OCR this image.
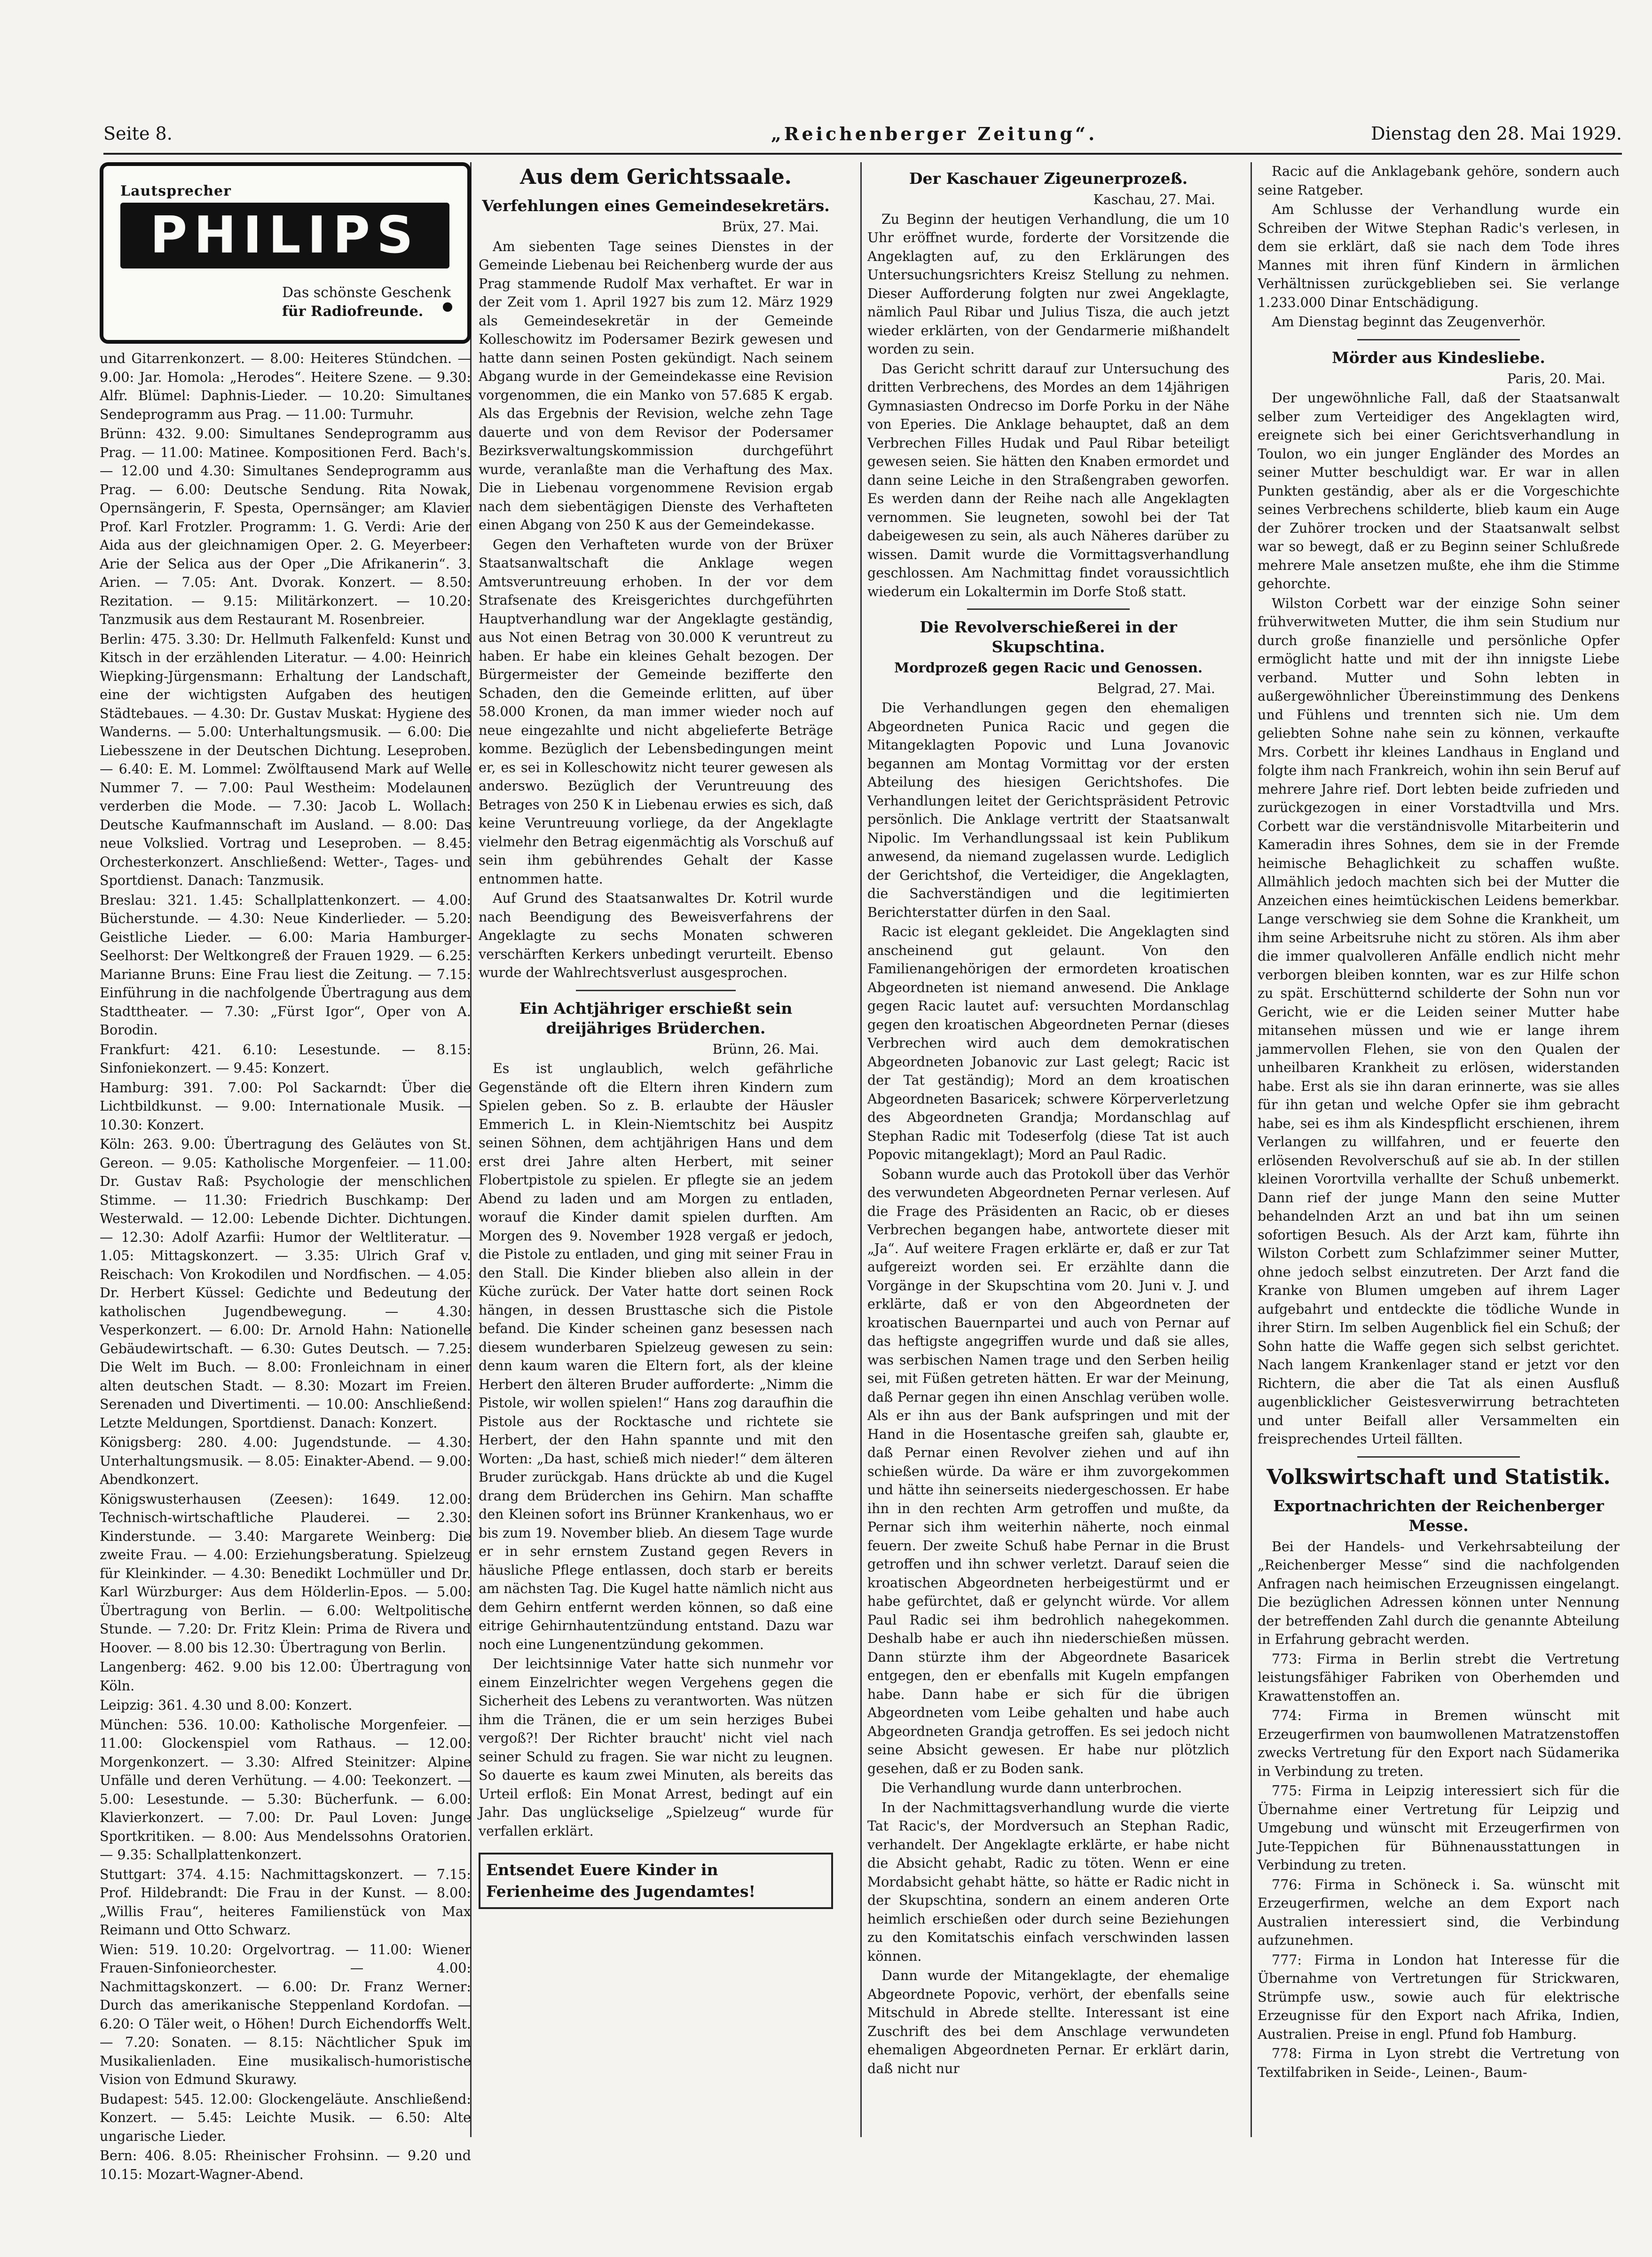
Seite 8.	„Reichenberger Zeitung“.	Dienstag den 28. Mai 1929.
Lautsprecher
PHILIPS
Das schönste Geschenk
für Radiofreunde.

und Gitarrenkonzert. — 8.00: Heiteres Stündchen. — 9.00: Jar. Homola: „Herodes“. Heitere Szene. — 9.30: Alfr. Blümel: Daphnis-Lieder. — 10.20: Simultanes Sendeprogramm aus Prag. — 11.00: Turmuhr.

Brünn: 432. 9.00: Simultanes Sendeprogramm aus Prag. — 11.00: Matinee. Kompositionen Ferd. Bach's. — 12.00 und 4.30: Simultanes Sendeprogramm aus Prag. — 6.00: Deutsche Sendung. Rita Nowak, Opernsängerin, F. Spesta, Opernsänger; am Klavier Prof. Karl Frotzler. Programm: 1. G. Verdi: Arie der Aida aus der gleichnamigen Oper. 2. G. Meyerbeer: Arie der Selica aus der Oper „Die Afrikanerin“. 3. Arien. — 7.05: Ant. Dvorak. Konzert. — 8.50: Rezitation. — 9.15: Militärkonzert. — 10.20: Tanzmusik aus dem Restaurant M. Rosenbreier.

Berlin: 475. 3.30: Dr. Hellmuth Falkenfeld: Kunst und Kitsch in der erzählenden Literatur. — 4.00: Heinrich Wiepking-Jürgensmann: Erhaltung der Landschaft, eine der wichtigsten Aufgaben des heutigen Städtebaues. — 4.30: Dr. Gustav Muskat: Hygiene des Wanderns. — 5.00: Unterhaltungsmusik. — 6.00: Die Liebesszene in der Deutschen Dichtung. Leseproben. — 6.40: E. M. Lommel: Zwölftausend Mark auf Welle Nummer 7. — 7.00: Paul Westheim: Modelaunen verderben die Mode. — 7.30: Jacob L. Wollach: Deutsche Kaufmannschaft im Ausland. — 8.00: Das neue Volkslied. Vortrag und Leseproben. — 8.45: Orchesterkonzert. Anschließend: Wetter-, Tages- und Sportdienst. Danach: Tanzmusik.

Breslau: 321. 1.45: Schallplattenkonzert. — 4.00: Bücherstunde. — 4.30: Neue Kinderlieder. — 5.20: Geistliche Lieder. — 6.00: Maria Hamburger-Seelhorst: Der Weltkongreß der Frauen 1929. — 6.25: Marianne Bruns: Eine Frau liest die Zeitung. — 7.15: Einführung in die nachfolgende Übertragung aus dem Stadttheater. — 7.30: „Fürst Igor“, Oper von A. Borodin.

Frankfurt: 421. 6.10: Lesestunde. — 8.15: Sinfoniekonzert. — 9.45: Konzert.

Hamburg: 391. 7.00: Pol Sackarndt: Über die Lichtbildkunst. — 9.00: Internationale Musik. — 10.30: Konzert.

Köln: 263. 9.00: Übertragung des Geläutes von St. Gereon. — 9.05: Katholische Morgenfeier. — 11.00: Dr. Gustav Raß: Psychologie der menschlichen Stimme. — 11.30: Friedrich Buschkamp: Der Westerwald. — 12.00: Lebende Dichter. Dichtungen. — 12.30: Adolf Azarfii: Humor der Weltliteratur. — 1.05: Mittagskonzert. — 3.35: Ulrich Graf v. Reischach: Von Krokodilen und Nordfischen. — 4.05: Dr. Herbert Küssel: Gedichte und Bedeutung der katholischen Jugendbewegung. — 4.30: Vesperkonzert. — 6.00: Dr. Arnold Hahn: Nationelle Gebäudewirtschaft. — 6.30: Gutes Deutsch. — 7.25: Die Welt im Buch. — 8.00: Fronleichnam in einer alten deutschen Stadt. — 8.30: Mozart im Freien. Serenaden und Divertimenti. — 10.00: Anschließend: Letzte Meldungen, Sportdienst. Danach: Konzert.

Königsberg: 280. 4.00: Jugendstunde. — 4.30: Unterhaltungsmusik. — 8.05: Einakter-Abend. — 9.00: Abendkonzert.

Königswusterhausen (Zeesen): 1649. 12.00: Technisch-wirtschaftliche Plauderei. — 2.30: Kinderstunde. — 3.40: Margarete Weinberg: Die zweite Frau. — 4.00: Erziehungsberatung. Spielzeug für Kleinkinder. — 4.30: Benedikt Lochmüller und Dr. Karl Würzburger: Aus dem Hölderlin-Epos. — 5.00: Übertragung von Berlin. — 6.00: Weltpolitische Stunde. — 7.20: Dr. Fritz Klein: Prima de Rivera und Hoover. — 8.00 bis 12.30: Übertragung von Berlin.

Langenberg: 462. 9.00 bis 12.00: Übertragung von Köln.

Leipzig: 361. 4.30 und 8.00: Konzert.

München: 536. 10.00: Katholische Morgenfeier. — 11.00: Glockenspiel vom Rathaus. — 12.00: Morgenkonzert. — 3.30: Alfred Steinitzer: Alpine Unfälle und deren Verhütung. — 4.00: Teekonzert. — 5.00: Lesestunde. — 5.30: Bücherfunk. — 6.00: Klavierkonzert. — 7.00: Dr. Paul Loven: Junge Sportkritiken. — 8.00: Aus Mendelssohns Oratorien. — 9.35: Schallplattenkonzert.

Stuttgart: 374. 4.15: Nachmittagskonzert. — 7.15: Prof. Hildebrandt: Die Frau in der Kunst. — 8.00: „Willis Frau“, heiteres Familienstück von Max Reimann und Otto Schwarz.

Wien: 519. 10.20: Orgelvortrag. — 11.00: Wiener Frauen-Sinfonieorchester. — 4.00: Nachmittagskonzert. — 6.00: Dr. Franz Werner: Durch das amerikanische Steppenland Kordofan. — 6.20: O Täler weit, o Höhen! Durch Eichendorffs Welt. — 7.20: Sonaten. — 8.15: Nächtlicher Spuk im Musikalienladen. Eine musikalisch-humoristische Vision von Edmund Skurawy.

Budapest: 545. 12.00: Glockengeläute. Anschließend: Konzert. — 5.45: Leichte Musik. — 6.50: Alte ungarische Lieder.

Bern: 406. 8.05: Rheinischer Frohsinn. — 9.20 und 10.15: Mozart-Wagner-Abend.

Aus dem Gerichtssaale.
Verfehlungen eines Gemeindesekretärs.

Brüx, 27. Mai.

Am siebenten Tage seines Dienstes in der Gemeinde Liebenau bei Reichenberg wurde der aus Prag stammende Rudolf Max verhaftet. Er war in der Zeit vom 1. April 1927 bis zum 12. März 1929 als Gemeindesekretär in der Gemeinde Kolleschowitz im Podersamer Bezirk gewesen und hatte dann seinen Posten gekündigt. Nach seinem Abgang wurde in der Gemeindekasse eine Revision vorgenommen, die ein Manko von 57.685 K ergab. Als das Ergebnis der Revision, welche zehn Tage dauerte und von dem Revisor der Podersamer Bezirksverwaltungskommission durchgeführt wurde, veranlaßte man die Verhaftung des Max. Die in Liebenau vorgenommene Revision ergab nach dem siebentägigen Dienste des Verhafteten einen Abgang von 250 K aus der Gemeindekasse.

Gegen den Verhafteten wurde von der Brüxer Staatsanwaltschaft die Anklage wegen Amtsveruntreuung erhoben. In der vor dem Strafsenate des Kreisgerichtes durchgeführten Hauptverhandlung war der Angeklagte geständig, aus Not einen Betrag von 30.000 K veruntreut zu haben. Er habe ein kleines Gehalt bezogen. Der Bürgermeister der Gemeinde bezifferte den Schaden, den die Gemeinde erlitten, auf über 58.000 Kronen, da man immer wieder noch auf neue eingezahlte und nicht abgelieferte Beträge komme. Bezüglich der Lebensbedingungen meint er, es sei in Kolleschowitz nicht teurer gewesen als anderswo. Bezüglich der Veruntreuung des Betrages von 250 K in Liebenau erwies es sich, daß keine Veruntreuung vorliege, da der Angeklagte vielmehr den Betrag eigenmächtig als Vorschuß auf sein ihm gebührendes Gehalt der Kasse entnommen hatte.

Auf Grund des Staatsanwaltes Dr. Kotril wurde nach Beendigung des Beweisverfahrens der Angeklagte zu sechs Monaten schweren verschärften Kerkers unbedingt verurteilt. Ebenso wurde der Wahlrechtsverlust ausgesprochen.

Ein Achtjähriger erschießt sein dreijähriges Brüderchen.

Brünn, 26. Mai.

Es ist unglaublich, welch gefährliche Gegenstände oft die Eltern ihren Kindern zum Spielen geben. So z. B. erlaubte der Häusler Emmerich L. in Klein-Niemtschitz bei Auspitz seinen Söhnen, dem achtjährigen Hans und dem erst drei Jahre alten Herbert, mit seiner Flobertpistole zu spielen. Er pflegte sie an jedem Abend zu laden und am Morgen zu entladen, worauf die Kinder damit spielen durften. Am Morgen des 9. November 1928 vergaß er jedoch, die Pistole zu entladen, und ging mit seiner Frau in den Stall. Die Kinder blieben also allein in der Küche zurück. Der Vater hatte dort seinen Rock hängen, in dessen Brusttasche sich die Pistole befand. Die Kinder scheinen ganz besessen nach diesem wunderbaren Spielzeug gewesen zu sein: denn kaum waren die Eltern fort, als der kleine Herbert den älteren Bruder aufforderte: „Nimm die Pistole, wir wollen spielen!“ Hans zog daraufhin die Pistole aus der Rocktasche und richtete sie Herbert, der den Hahn spannte und mit den Worten: „Da hast, schieß mich nieder!“ dem älteren Bruder zurückgab. Hans drückte ab und die Kugel drang dem Brüderchen ins Gehirn. Man schaffte den Kleinen sofort ins Brünner Krankenhaus, wo er bis zum 19. November blieb. An diesem Tage wurde er in sehr ernstem Zustand gegen Revers in häusliche Pflege entlassen, doch starb er bereits am nächsten Tag. Die Kugel hatte nämlich nicht aus dem Gehirn entfernt werden können, so daß eine eitrige Gehirnhautentzündung entstand. Dazu war noch eine Lungenentzündung gekommen.

Der leichtsinnige Vater hatte sich nunmehr vor einem Einzelrichter wegen Vergehens gegen die Sicherheit des Lebens zu verantworten. Was nützen ihm die Tränen, die er um sein herziges Bubei vergoß?! Der Richter braucht' nicht viel nach seiner Schuld zu fragen. Sie war nicht zu leugnen. So dauerte es kaum zwei Minuten, als bereits das Urteil erfloß: Ein Monat Arrest, bedingt auf ein Jahr. Das unglückselige „Spielzeug“ wurde für verfallen erklärt.

Entsendet Euere Kinder in Ferienheime des Jugendamtes!
Der Kaschauer Zigeunerprozeß.

Kaschau, 27. Mai.

Zu Beginn der heutigen Verhandlung, die um 10 Uhr eröffnet wurde, forderte der Vorsitzende die Angeklagten auf, zu den Erklärungen des Untersuchungsrichters Kreisz Stellung zu nehmen. Dieser Aufforderung folgten nur zwei Angeklagte, nämlich Paul Ribar und Julius Tisza, die auch jetzt wieder erklärten, von der Gendarmerie mißhandelt worden zu sein.

Das Gericht schritt darauf zur Untersuchung des dritten Verbrechens, des Mordes an dem 14jährigen Gymnasiasten Ondrecso im Dorfe Porku in der Nähe von Eperies. Die Anklage behauptet, daß an dem Verbrechen Filles Hudak und Paul Ribar beteiligt gewesen seien. Sie hätten den Knaben ermordet und dann seine Leiche in den Straßengraben geworfen. Es werden dann der Reihe nach alle Angeklagten vernommen. Sie leugneten, sowohl bei der Tat dabeigewesen zu sein, als auch Näheres darüber zu wissen. Damit wurde die Vormittagsverhandlung geschlossen. Am Nachmittag findet voraussichtlich wiederum ein Lokaltermin im Dorfe Stoß statt.

Die Revolverschießerei in der Skupschtina.
Mordprozeß gegen Racic und Genossen.

Belgrad, 27. Mai.

Die Verhandlungen gegen den ehemaligen Abgeordneten Punica Racic und gegen die Mitangeklagten Popovic und Luna Jovanovic begannen am Montag Vormittag vor der ersten Abteilung des hiesigen Gerichtshofes. Die Verhandlungen leitet der Gerichtspräsident Petrovic persönlich. Die Anklage vertritt der Staatsanwalt Nipolic. Im Verhandlungssaal ist kein Publikum anwesend, da niemand zugelassen wurde. Lediglich der Gerichtshof, die Verteidiger, die Angeklagten, die Sachverständigen und die legitimierten Berichterstatter dürfen in den Saal.

Racic ist elegant gekleidet. Die Angeklagten sind anscheinend gut gelaunt. Von den Familienangehörigen der ermordeten kroatischen Abgeordneten ist niemand anwesend. Die Anklage gegen Racic lautet auf: versuchten Mordanschlag gegen den kroatischen Abgeordneten Pernar (dieses Verbrechen wird auch dem demokratischen Abgeordneten Jobanovic zur Last gelegt; Racic ist der Tat geständig); Mord an dem kroatischen Abgeordneten Basaricek; schwere Körperverletzung des Abgeordneten Grandja; Mordanschlag auf Stephan Radic mit Todeserfolg (diese Tat ist auch Popovic mitangeklagt); Mord an Paul Radic.

Sobann wurde auch das Protokoll über das Verhör des verwundeten Abgeordneten Pernar verlesen. Auf die Frage des Präsidenten an Racic, ob er dieses Verbrechen begangen habe, antwortete dieser mit „Ja“. Auf weitere Fragen erklärte er, daß er zur Tat aufgereizt worden sei. Er erzählte dann die Vorgänge in der Skupschtina vom 20. Juni v. J. und erklärte, daß er von den Abgeordneten der kroatischen Bauernpartei und auch von Pernar auf das heftigste angegriffen wurde und daß sie alles, was serbischen Namen trage und den Serben heilig sei, mit Füßen getreten hätten. Er war der Meinung, daß Pernar gegen ihn einen Anschlag verüben wolle. Als er ihn aus der Bank aufspringen und mit der Hand in die Hosentasche greifen sah, glaubte er, daß Pernar einen Revolver ziehen und auf ihn schießen würde. Da wäre er ihm zuvorgekommen und hätte ihn seinerseits niedergeschossen. Er habe ihn in den rechten Arm getroffen und mußte, da Pernar sich ihm weiterhin näherte, noch einmal feuern. Der zweite Schuß habe Pernar in die Brust getroffen und ihn schwer verletzt. Darauf seien die kroatischen Abgeordneten herbeigestürmt und er habe gefürchtet, daß er gelyncht würde. Vor allem Paul Radic sei ihm bedrohlich nahegekommen. Deshalb habe er auch ihn niederschießen müssen. Dann stürzte ihm der Abgeordnete Basaricek entgegen, den er ebenfalls mit Kugeln empfangen habe. Dann habe er sich für die übrigen Abgeordneten vom Leibe gehalten und habe auch Abgeordneten Grandja getroffen. Es sei jedoch nicht seine Absicht gewesen. Er habe nur plötzlich gesehen, daß er zu Boden sank.

Die Verhandlung wurde dann unterbrochen.

In der Nachmittagsverhandlung wurde die vierte Tat Racic's, der Mordversuch an Stephan Radic, verhandelt. Der Angeklagte erklärte, er habe nicht die Absicht gehabt, Radic zu töten. Wenn er eine Mordabsicht gehabt hätte, so hätte er Radic nicht in der Skupschtina, sondern an einem anderen Orte heimlich erschießen oder durch seine Beziehungen zu den Komitatschis einfach verschwinden lassen können.

Dann wurde der Mitangeklagte, der ehemalige Abgeordnete Popovic, verhört, der ebenfalls seine Mitschuld in Abrede stellte. Interessant ist eine Zuschrift des bei dem Anschlage verwundeten ehemaligen Abgeordneten Pernar. Er erklärt darin, daß nicht nur

Racic auf die Anklagebank gehöre, sondern auch seine Ratgeber.

Am Schlusse der Verhandlung wurde ein Schreiben der Witwe Stephan Radic's verlesen, in dem sie erklärt, daß sie nach dem Tode ihres Mannes mit ihren fünf Kindern in ärmlichen Verhältnissen zurückgeblieben sei. Sie verlange 1.233.000 Dinar Entschädigung.

Am Dienstag beginnt das Zeugenverhör.

Mörder aus Kindesliebe.

Paris, 20. Mai.

Der ungewöhnliche Fall, daß der Staatsanwalt selber zum Verteidiger des Angeklagten wird, ereignete sich bei einer Gerichtsverhandlung in Toulon, wo ein junger Engländer des Mordes an seiner Mutter beschuldigt war. Er war in allen Punkten geständig, aber als er die Vorgeschichte seines Verbrechens schilderte, blieb kaum ein Auge der Zuhörer trocken und der Staatsanwalt selbst war so bewegt, daß er zu Beginn seiner Schlußrede mehrere Male ansetzen mußte, ehe ihm die Stimme gehorchte.

Wilston Corbett war der einzige Sohn seiner frühverwitweten Mutter, die ihm sein Studium nur durch große finanzielle und persönliche Opfer ermöglicht hatte und mit der ihn innigste Liebe verband. Mutter und Sohn lebten in außergewöhnlicher Übereinstimmung des Denkens und Fühlens und trennten sich nie. Um dem geliebten Sohne nahe sein zu können, verkaufte Mrs. Corbett ihr kleines Landhaus in England und folgte ihm nach Frankreich, wohin ihn sein Beruf auf mehrere Jahre rief. Dort lebten beide zufrieden und zurückgezogen in einer Vorstadtvilla und Mrs. Corbett war die verständnisvolle Mitarbeiterin und Kameradin ihres Sohnes, dem sie in der Fremde heimische Behaglichkeit zu schaffen wußte. Allmählich jedoch machten sich bei der Mutter die Anzeichen eines heimtückischen Leidens bemerkbar. Lange verschwieg sie dem Sohne die Krankheit, um ihm seine Arbeitsruhe nicht zu stören. Als ihm aber die immer qualvolleren Anfälle endlich nicht mehr verborgen bleiben konnten, war es zur Hilfe schon zu spät. Erschütternd schilderte der Sohn nun vor Gericht, wie er die Leiden seiner Mutter habe mitansehen müssen und wie er lange ihrem jammervollen Flehen, sie von den Qualen der unheilbaren Krankheit zu erlösen, widerstanden habe. Erst als sie ihn daran erinnerte, was sie alles für ihn getan und welche Opfer sie ihm gebracht habe, sei es ihm als Kindespflicht erschienen, ihrem Verlangen zu willfahren, und er feuerte den erlösenden Revolverschuß auf sie ab. In der stillen kleinen Vorortvilla verhallte der Schuß unbemerkt. Dann rief der junge Mann den seine Mutter behandelnden Arzt an und bat ihn um seinen sofortigen Besuch. Als der Arzt kam, führte ihn Wilston Corbett zum Schlafzimmer seiner Mutter, ohne jedoch selbst einzutreten. Der Arzt fand die Kranke von Blumen umgeben auf ihrem Lager aufgebahrt und entdeckte die tödliche Wunde in ihrer Stirn. Im selben Augenblick fiel ein Schuß; der Sohn hatte die Waffe gegen sich selbst gerichtet. Nach langem Krankenlager stand er jetzt vor den Richtern, die aber die Tat als einen Ausfluß augenblicklicher Geistesverwirrung betrachteten und unter Beifall aller Versammelten ein freisprechendes Urteil fällten.

Volkswirtschaft und Statistik.
Exportnachrichten der Reichenberger Messe.

Bei der Handels- und Verkehrsabteilung der „Reichenberger Messe“ sind die nachfolgenden Anfragen nach heimischen Erzeugnissen eingelangt. Die bezüglichen Adressen können unter Nennung der betreffenden Zahl durch die genannte Abteilung in Erfahrung gebracht werden.

773: Firma in Berlin strebt die Vertretung leistungsfähiger Fabriken von Oberhemden und Krawattenstoffen an.

774: Firma in Bremen wünscht mit Erzeugerfirmen von baumwollenen Matratzenstoffen zwecks Vertretung für den Export nach Südamerika in Verbindung zu treten.

775: Firma in Leipzig interessiert sich für die Übernahme einer Vertretung für Leipzig und Umgebung und wünscht mit Erzeugerfirmen von Jute-Teppichen für Bühnenausstattungen in Verbindung zu treten.

776: Firma in Schöneck i. Sa. wünscht mit Erzeugerfirmen, welche an dem Export nach Australien interessiert sind, die Verbindung aufzunehmen.

777: Firma in London hat Interesse für die Übernahme von Vertretungen für Strickwaren, Strümpfe usw., sowie auch für elektrische Erzeugnisse für den Export nach Afrika, Indien, Australien. Preise in engl. Pfund fob Hamburg.

778: Firma in Lyon strebt die Vertretung von Textilfabriken in Seide-, Leinen-, Baum-
